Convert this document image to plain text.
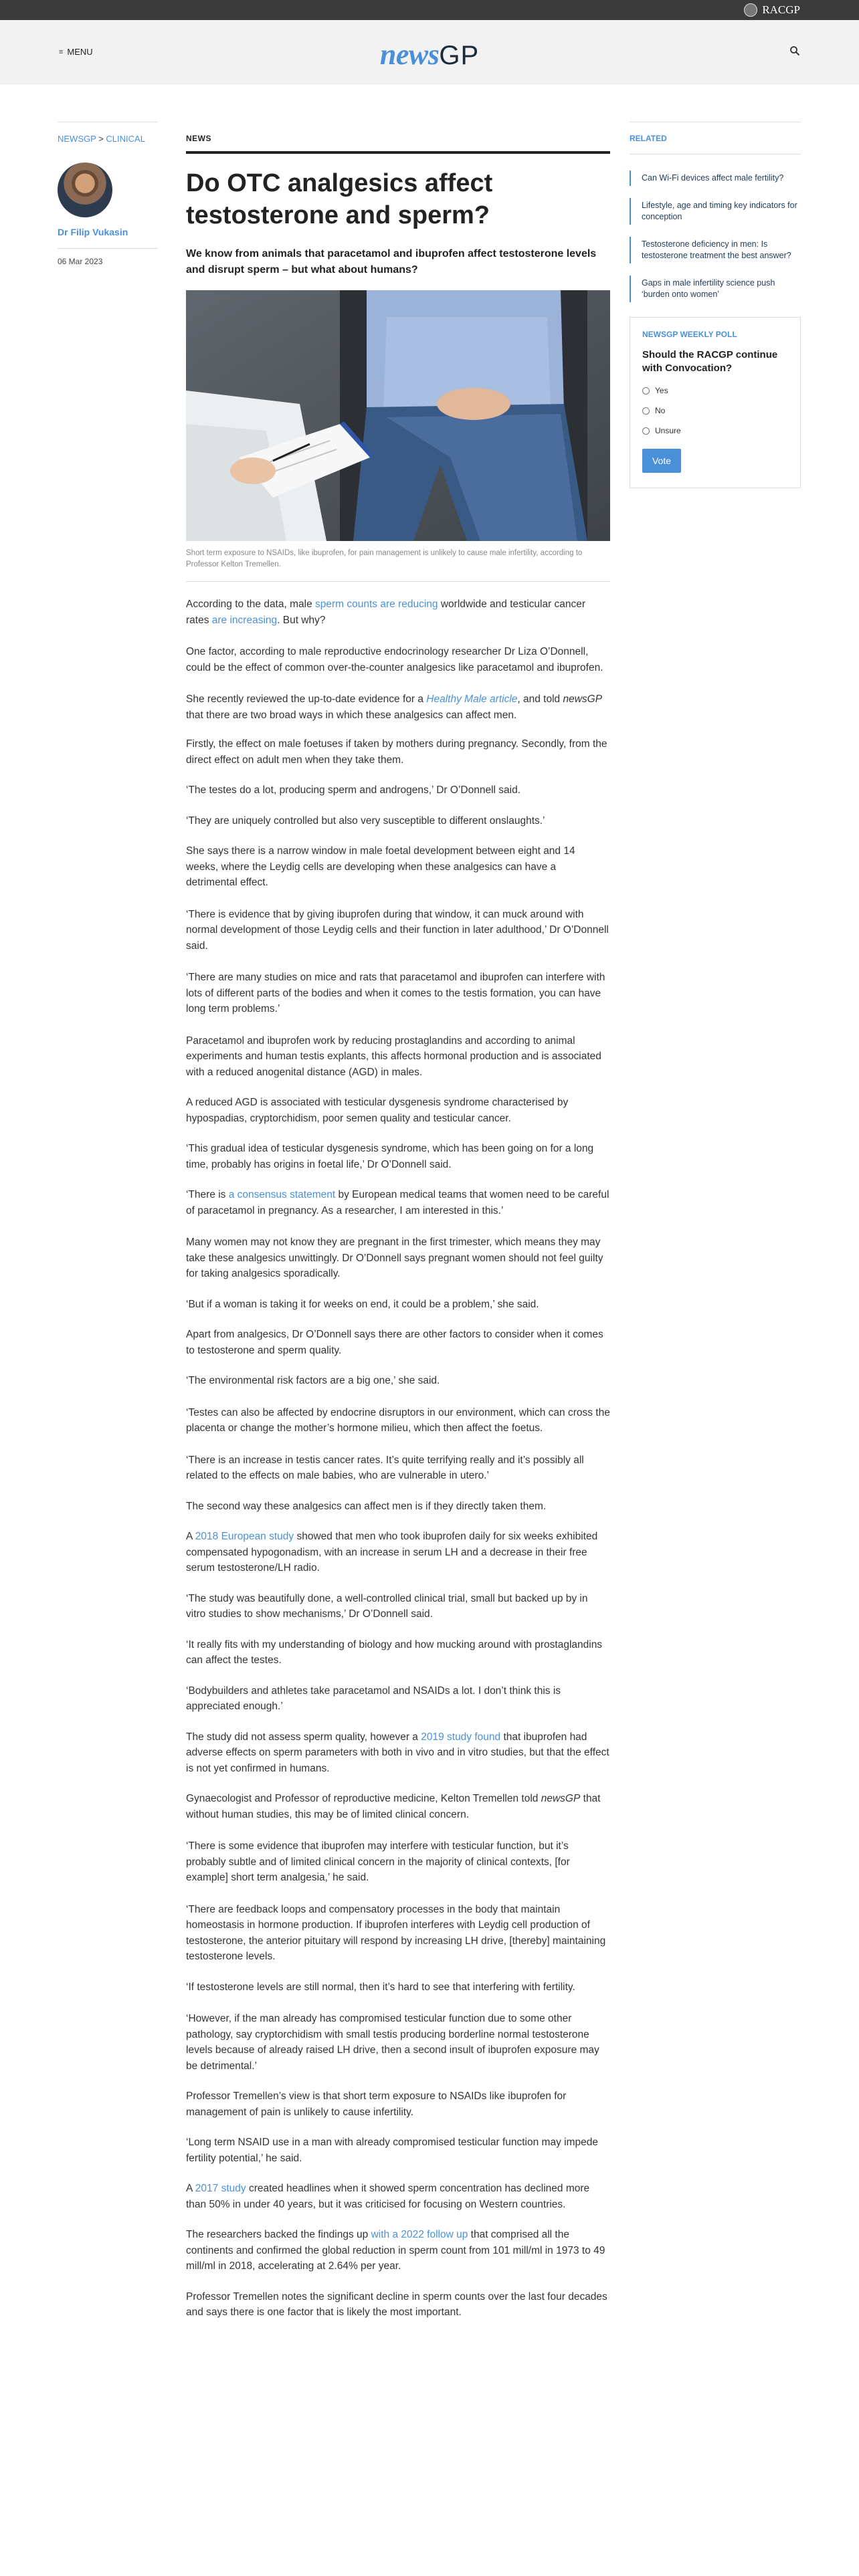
RACGP
≡ MENU	newsGP
NEWSGP > CLINICAL
Dr Filip Vukasin
06 Mar 2023
NEWS
Do OTC analgesics affect testosterone and sperm?

We know from animals that paracetamol and ibuprofen affect testosterone levels and disrupt sperm – but what about humans?

Short term exposure to NSAIDs, like ibuprofen, for pain management is unlikely to cause male infertility, according to Professor Kelton Tremellen.

According to the data, male sperm counts are reducing worldwide and testicular cancer rates are increasing. But why?

One factor, according to male reproductive endocrinology researcher Dr Liza O’Donnell, could be the effect of common over-the-counter analgesics like paracetamol and ibuprofen.

She recently reviewed the up-to-date evidence for a Healthy Male article, and told newsGP that there are two broad ways in which these analgesics can affect men.

Firstly, the effect on male foetuses if taken by mothers during pregnancy. Secondly, from the direct effect on adult men when they take them.

‘The testes do a lot, producing sperm and androgens,’ Dr O’Donnell said.

‘They are uniquely controlled but also very susceptible to different onslaughts.’

She says there is a narrow window in male foetal development between eight and 14 weeks, where the Leydig cells are developing when these analgesics can have a detrimental effect.

‘There is evidence that by giving ibuprofen during that window, it can muck around with normal development of those Leydig cells and their function in later adulthood,’ Dr O’Donnell said.

‘There are many studies on mice and rats that paracetamol and ibuprofen can interfere with lots of different parts of the bodies and when it comes to the testis formation, you can have long term problems.’

Paracetamol and ibuprofen work by reducing prostaglandins and according to animal experiments and human testis explants, this affects hormonal production and is associated with a reduced anogenital distance (AGD) in males.

A reduced AGD is associated with testicular dysgenesis syndrome characterised by hypospadias, cryptorchidism, poor semen quality and testicular cancer.

‘This gradual idea of testicular dysgenesis syndrome, which has been going on for a long time, probably has origins in foetal life,’ Dr O’Donnell said.

‘There is a consensus statement by European medical teams that women need to be careful of paracetamol in pregnancy. As a researcher, I am interested in this.’

Many women may not know they are pregnant in the first trimester, which means they may take these analgesics unwittingly. Dr O’Donnell says pregnant women should not feel guilty for taking analgesics sporadically.

‘But if a woman is taking it for weeks on end, it could be a problem,’ she said.

Apart from analgesics, Dr O’Donnell says there are other factors to consider when it comes to testosterone and sperm quality.

‘The environmental risk factors are a big one,’ she said.

‘Testes can also be affected by endocrine disruptors in our environment, which can cross the placenta or change the mother’s hormone milieu, which then affect the foetus.

‘There is an increase in testis cancer rates. It’s quite terrifying really and it’s possibly all related to the effects on male babies, who are vulnerable in utero.’

The second way these analgesics can affect men is if they directly taken them.

A 2018 European study showed that men who took ibuprofen daily for six weeks exhibited compensated hypogonadism, with an increase in serum LH and a decrease in their free serum testosterone/LH radio.

‘The study was beautifully done, a well-controlled clinical trial, small but backed up by in vitro studies to show mechanisms,’ Dr O’Donnell said.

‘It really fits with my understanding of biology and how mucking around with prostaglandins can affect the testes.

‘Bodybuilders and athletes take paracetamol and NSAIDs a lot. I don’t think this is appreciated enough.’

The study did not assess sperm quality, however a 2019 study found that ibuprofen had adverse effects on sperm parameters with both in vivo and in vitro studies, but that the effect is not yet confirmed in humans.

Gynaecologist and Professor of reproductive medicine, Kelton Tremellen told newsGP that without human studies, this may be of limited clinical concern.

‘There is some evidence that ibuprofen may interfere with testicular function, but it’s probably subtle and of limited clinical concern in the majority of clinical contexts, [for example] short term analgesia,’ he said.

‘There are feedback loops and compensatory processes in the body that maintain homeostasis in hormone production. If ibuprofen interferes with Leydig cell production of testosterone, the anterior pituitary will respond by increasing LH drive, [thereby] maintaining testosterone levels.

‘If testosterone levels are still normal, then it’s hard to see that interfering with fertility.

‘However, if the man already has compromised testicular function due to some other pathology, say cryptorchidism with small testis producing borderline normal testosterone levels because of already raised LH drive, then a second insult of ibuprofen exposure may be detrimental.’

Professor Tremellen’s view is that short term exposure to NSAIDs like ibuprofen for management of pain is unlikely to cause infertility.

‘Long term NSAID use in a man with already compromised testicular function may impede fertility potential,’ he said.

A 2017 study created headlines when it showed sperm concentration has declined more than 50% in under 40 years, but it was criticised for focusing on Western countries.

The researchers backed the findings up with a 2022 follow up that comprised all the continents and confirmed the global reduction in sperm count from 101 mill/ml in 1973 to 49 mill/ml in 2018, accelerating at 2.64% per year.

Professor Tremellen notes the significant decline in sperm counts over the last four decades and says there is one factor that is likely the most important.

RELATED
Can Wi-Fi devices affect male fertility?
Lifestyle, age and timing key indicators for conception
Testosterone deficiency in men: Is testosterone treatment the best answer?
Gaps in male infertility science push ‘burden onto women’
NEWSGP WEEKLY POLL
Should the RACGP continue with Convocation?
Yes
No
Unsure
Vote
